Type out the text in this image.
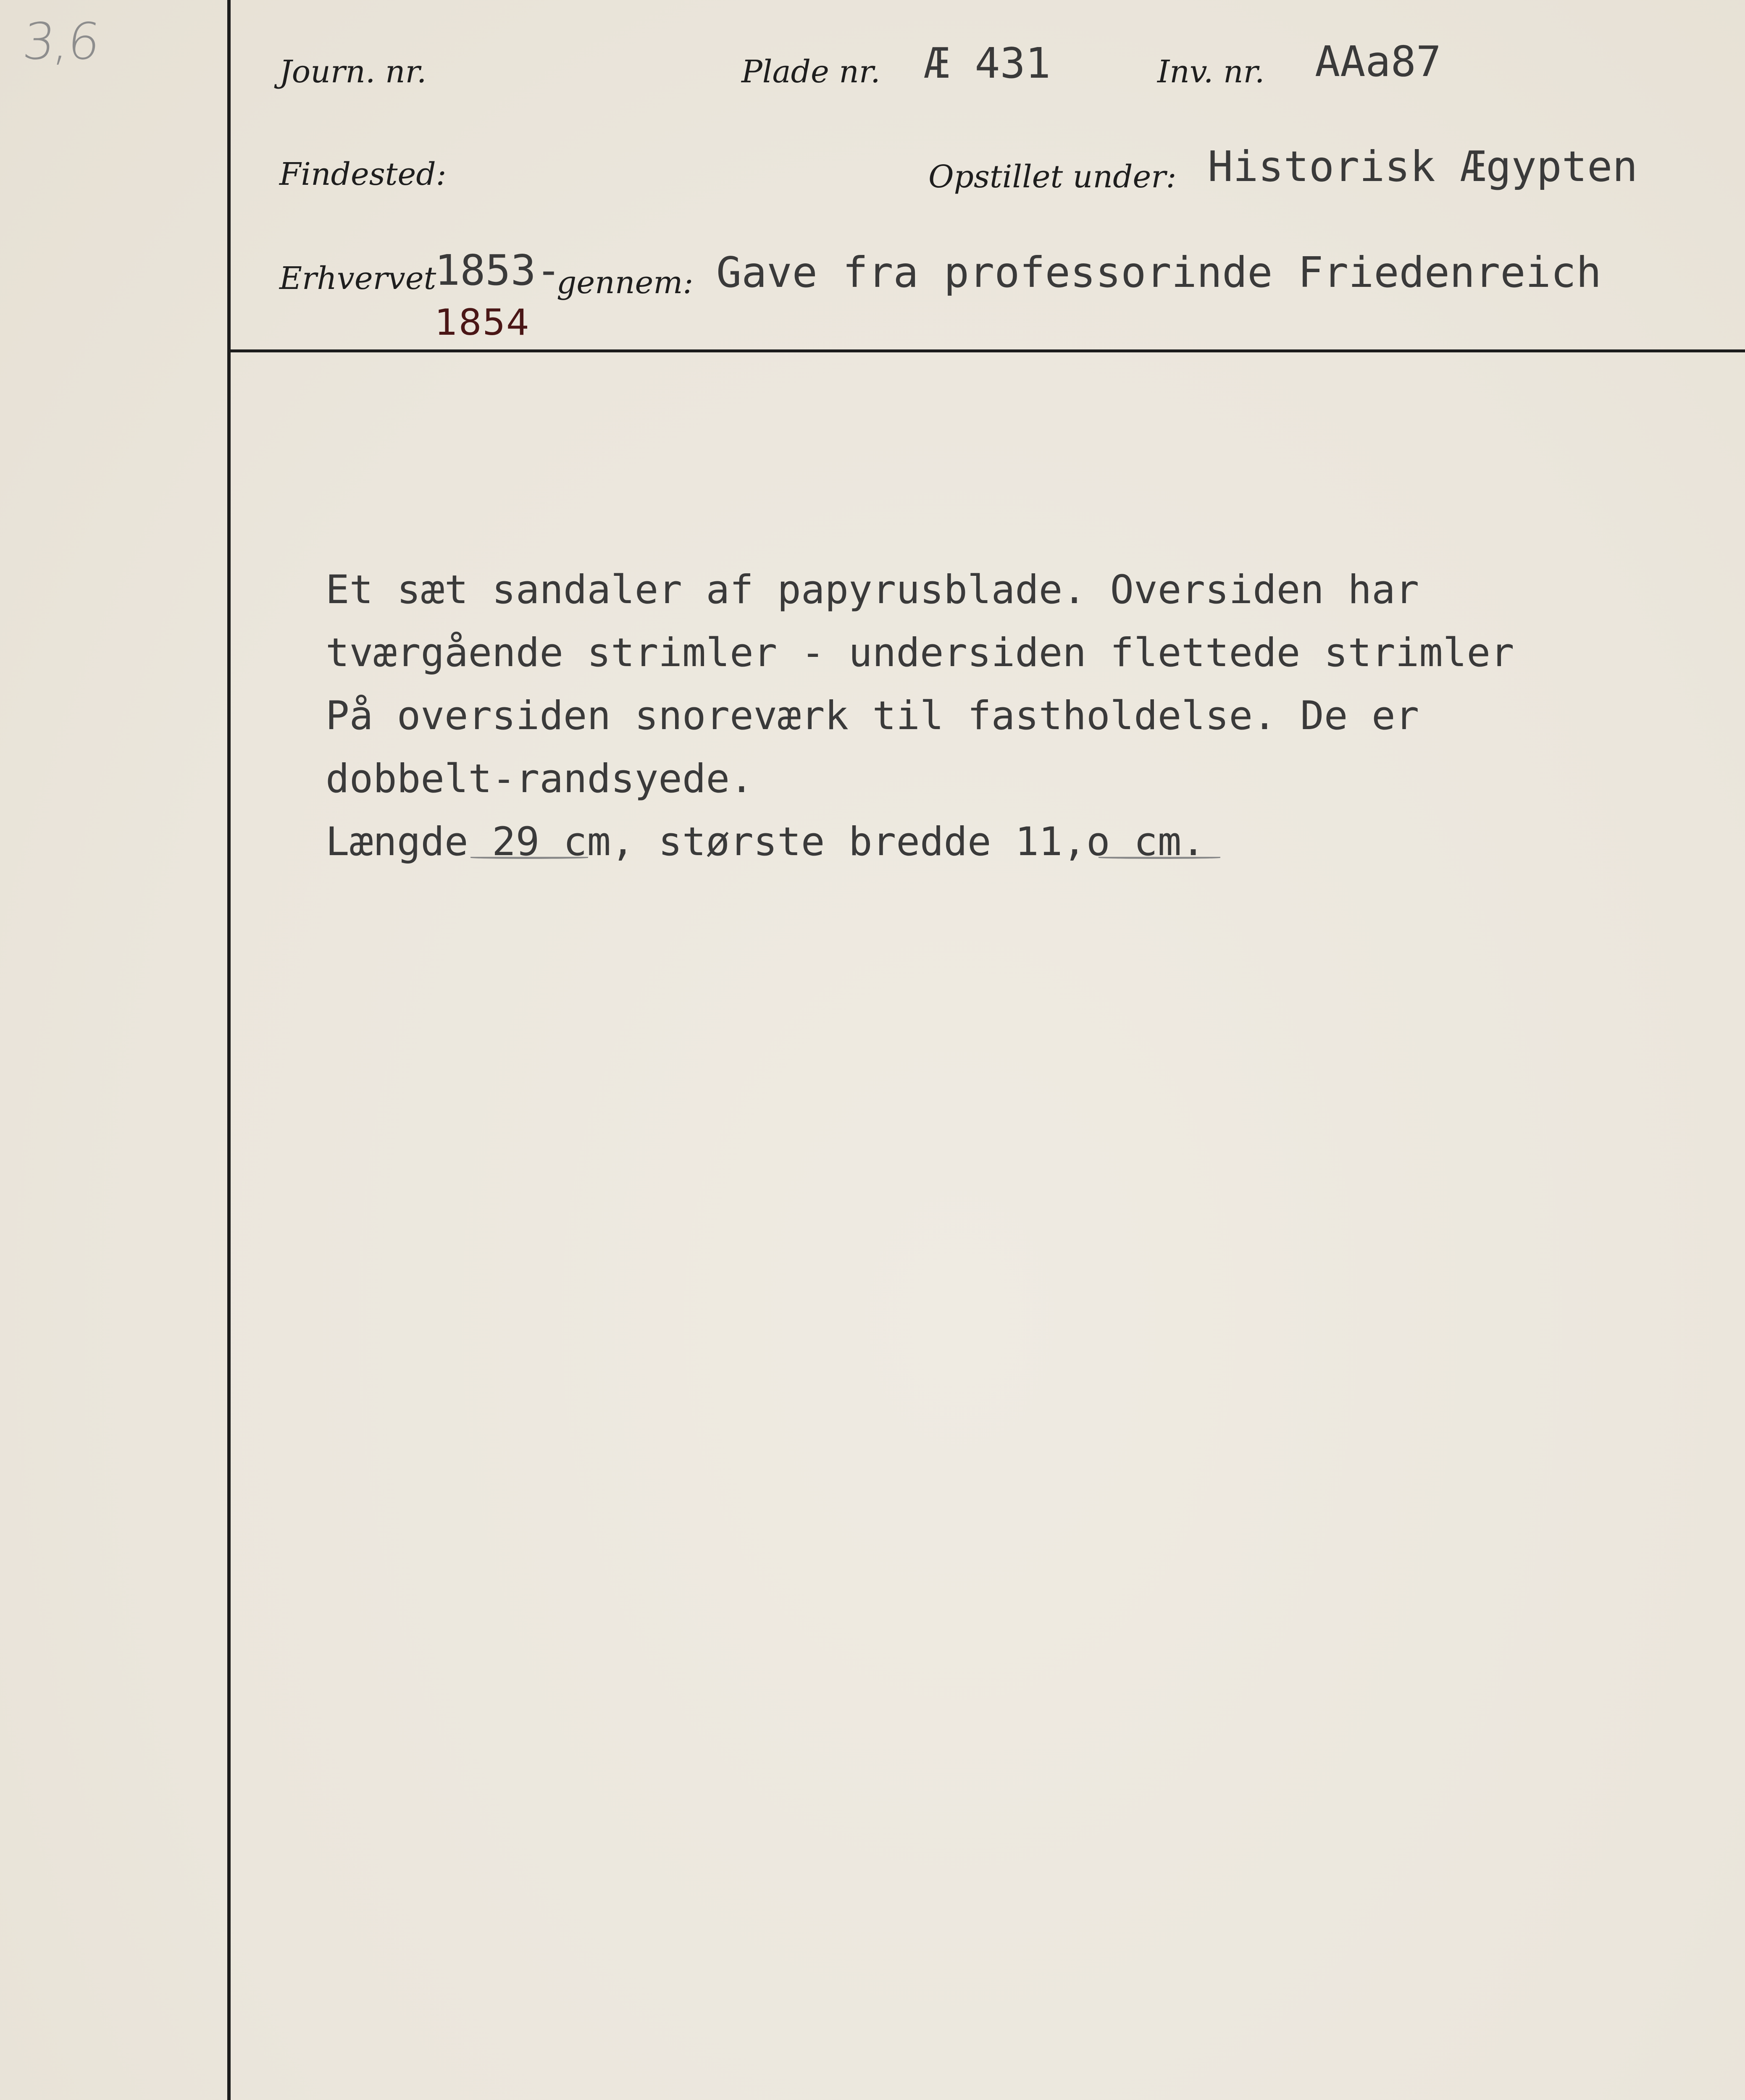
3,6
Journ. nr.	Plade nr. Æ 431	Inv. nr. AAa87
Findested:	Opstillet under: Historisk Ægypten
Erhvervet
1853-
gennem: Gave fra professorinde Friedenreich
1854
Et sæt sandaler af papyrusblade. Oversiden har
tværgående strimler - undersiden flettede strimler
På oversiden snoreværk til fastholdelse. De er
dobbelt-randsyede.
Længde 29 cm, største bredde 11,o cm.
